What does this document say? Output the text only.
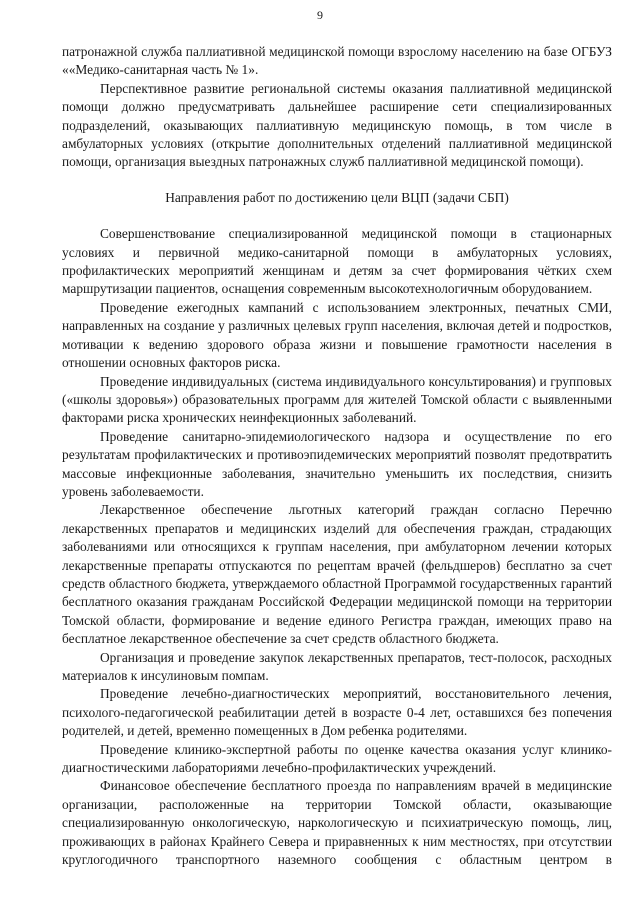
9

патронажной служба паллиативной медицинской помощи взрослому населению на базе ОГБУЗ ««Медико-санитарная часть № 1».

Перспективное развитие региональной системы оказания паллиативной медицинской помощи должно предусматривать дальнейшее расширение сети специализированных подразделений, оказывающих паллиативную медицинскую помощь, в том числе в амбулаторных условиях (открытие дополнительных отделений паллиативной медицинской помощи, организация выездных патронажных служб паллиативной медицинской помощи).

Направления работ по достижению цели ВЦП (задачи СБП)

Совершенствование специализированной медицинской помощи в стационарных условиях и первичной медико-санитарной помощи в амбулаторных условиях, профилактических мероприятий женщинам и детям за счет формирования чётких схем маршрутизации пациентов, оснащения современным высокотехнологичным оборудованием.

Проведение ежегодных кампаний с использованием электронных, печатных СМИ, направленных на создание у различных целевых групп населения, включая детей и подростков, мотивации к ведению здорового образа жизни и повышение грамотности населения в отношении основных факторов риска.

Проведение индивидуальных (система индивидуального консультирования) и групповых («школы здоровья») образовательных программ для жителей Томской области с выявленными факторами риска хронических неинфекционных заболеваний.

Проведение санитарно-эпидемиологического надзора и осуществление по его результатам профилактических и противоэпидемических мероприятий позволят предотвратить массовые инфекционные заболевания, значительно уменьшить их последствия, снизить уровень заболеваемости.

Лекарственное обеспечение льготных категорий граждан согласно Перечню лекарственных препаратов и медицинских изделий для обеспечения граждан, страдающих заболеваниями или относящихся к группам населения, при амбулаторном лечении которых лекарственные препараты отпускаются по рецептам врачей (фельдшеров) бесплатно за счет средств областного бюджета, утверждаемого областной Программой государственных гарантий бесплатного оказания гражданам Российской Федерации медицинской помощи на территории Томской области, формирование и ведение единого Регистра граждан, имеющих право на бесплатное лекарственное обеспечение за счет средств областного бюджета.

Организация и проведение закупок лекарственных препаратов, тест-полосок, расходных материалов к инсулиновым помпам.

Проведение лечебно-диагностических мероприятий, восстановительного лечения, психолого-педагогической реабилитации детей в возрасте 0-4 лет, оставшихся без попечения родителей, и детей, временно помещенных в Дом ребенка родителями.

Проведение клинико-экспертной работы по оценке качества оказания услуг клинико-диагностическими лабораториями лечебно-профилактических учреждений.

Финансовое обеспечение бесплатного проезда по направлениям врачей в медицинские организации, расположенные на территории Томской области, оказывающие специализированную онкологическую, наркологическую и психиатрическую помощь, лиц, проживающих в районах Крайнего Севера и приравненных к ним местностях, при отсутствии круглогодичного транспортного наземного сообщения с областным центром в
